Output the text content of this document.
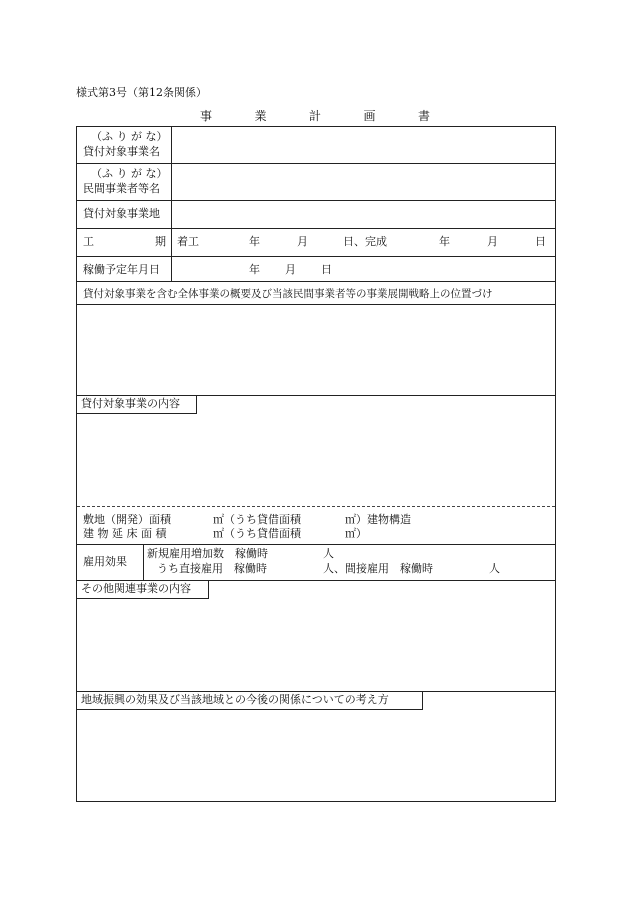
様式第3号（第12条関係）
事	業	計	画	書
（ふ り が な）
貸付対象事業名
（ふ り が な）
民間事業者等名
貸付対象事業地
工	期 着工	年	月	日、完成	年	月	日
稼働予定年月日	年 月 日
貸付対象事業を含む全体事業の概要及び当該民間事業者等の事業展開戦略上の位置づけ
貸付対象事業の内容
敷地（開発）面積	㎡（うち貸借面積	㎡）建物構造
建 物 延 床 面 積	㎡（うち貸借面積	㎡）
雇用効果
新規雇用増加数　稼働時	人
うち直接雇用　稼働時	人、間接雇用　稼働時	人
その他関連事業の内容
地域振興の効果及び当該地域との今後の関係についての考え方
